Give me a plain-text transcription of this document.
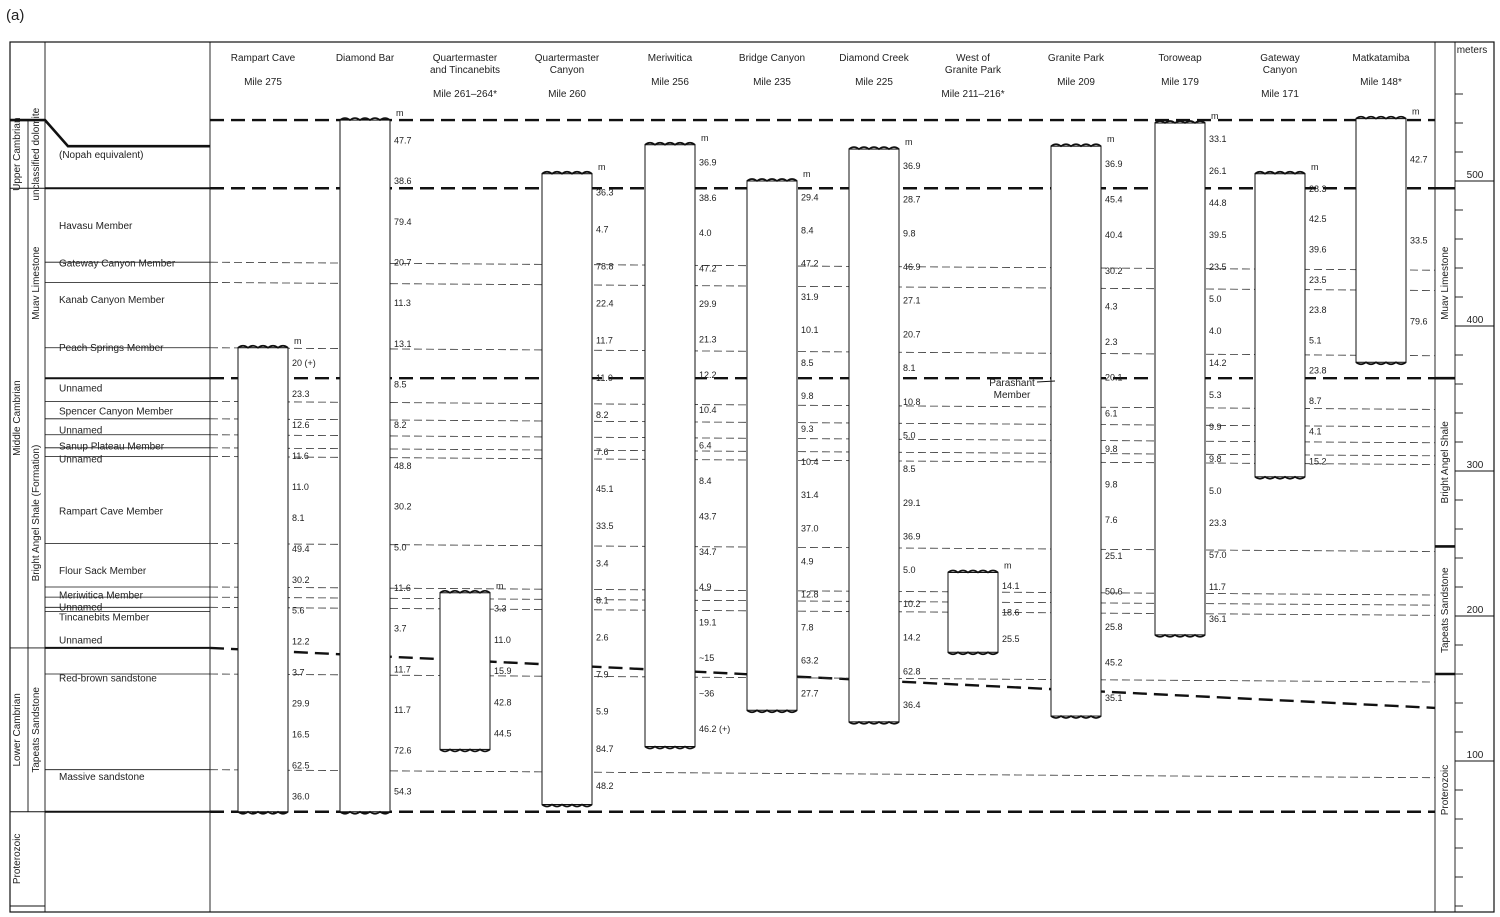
(a)
Upper Cambrian
Middle Cambrian
Lower Cambrian
Proterozoic
unclassified dolomite
Muav Limestone
Bright Angel Shale (Formation)
Tapeats Sandstone
(Nopah equivalent)
Havasu Member
Gateway Canyon Member
Kanab Canyon Member
Peach Springs Member
Unnamed
Spencer Canyon Member
Unnamed
Sanup Plateau Member
Unnamed
Rampart Cave Member
Flour Sack Member
Meriwitica Member
Unnamed
Tincanebits Member
Unnamed
Red-brown sandstone
Massive sandstone
Rampart Cave
Mile 275
20 (+)
23.3
12.6
11.6
11.0
8.1
49.4
30.2
5.6
12.2
3.7
29.9
16.5
62.5
36.0
m
Diamond Bar
47.7
38.6
79.4
20.7
11.3
13.1
8.5
8.2
48.8
30.2
5.0
11.6
3.7
11.7
11.7
72.6
54.3
m
Quartermaster
and Tincanebits
Mile 261–264*
3.3
11.0
15.9
42.8
44.5
m
Quartermaster
Canyon
Mile 260
36.3
4.7
78.8
22.4
11.7
11.0
8.2
7.6
45.1
33.5
3.4
8.1
2.6
7.9
5.9
84.7
48.2
m
Meriwitica
Mile 256
36.9
38.6
4.0
47.2
29.9
21.3
12.2
10.4
6.4
8.4
43.7
34.7
4.9
19.1
~15
~36
46.2 (+)
m
Bridge Canyon
Mile 235
29.4
8.4
47.2
31.9
10.1
8.5
9.8
9.3
10.4
31.4
37.0
4.9
12.8
7.8
63.2
27.7
m
Diamond Creek
Mile 225
36.9
28.7
9.8
46.9
27.1
20.7
8.1
10.8
5.0
8.5
29.1
36.9
5.0
10.2
14.2
62.8
36.4
m
West of
Granite Park
Mile 211–216*
14.1
18.6
25.5
m
Granite Park
Mile 209
36.9
45.4
40.4
30.2
4.3
2.3
20.1
6.1
9.8
9.8
7.6
25.1
50.6
25.8
45.2
35.1
m
Toroweap
Mile 179
33.1
26.1
44.8
39.5
23.5
5.0
4.0
14.2
5.3
9.9
9.8
5.0
23.3
57.0
11.7
36.1
m
Gateway
Canyon
Mile 171
28.3
42.5
39.6
23.5
23.8
5.1
23.8
8.7
4.1
15.2
m
Matkatamiba
Mile 148*
42.7
33.5
79.6
m
Muav Limestone
Bright Angel Shale
Tapeats Sandstone
Proterozoic
meters
500
400
300
200
100
Parashant
Member
